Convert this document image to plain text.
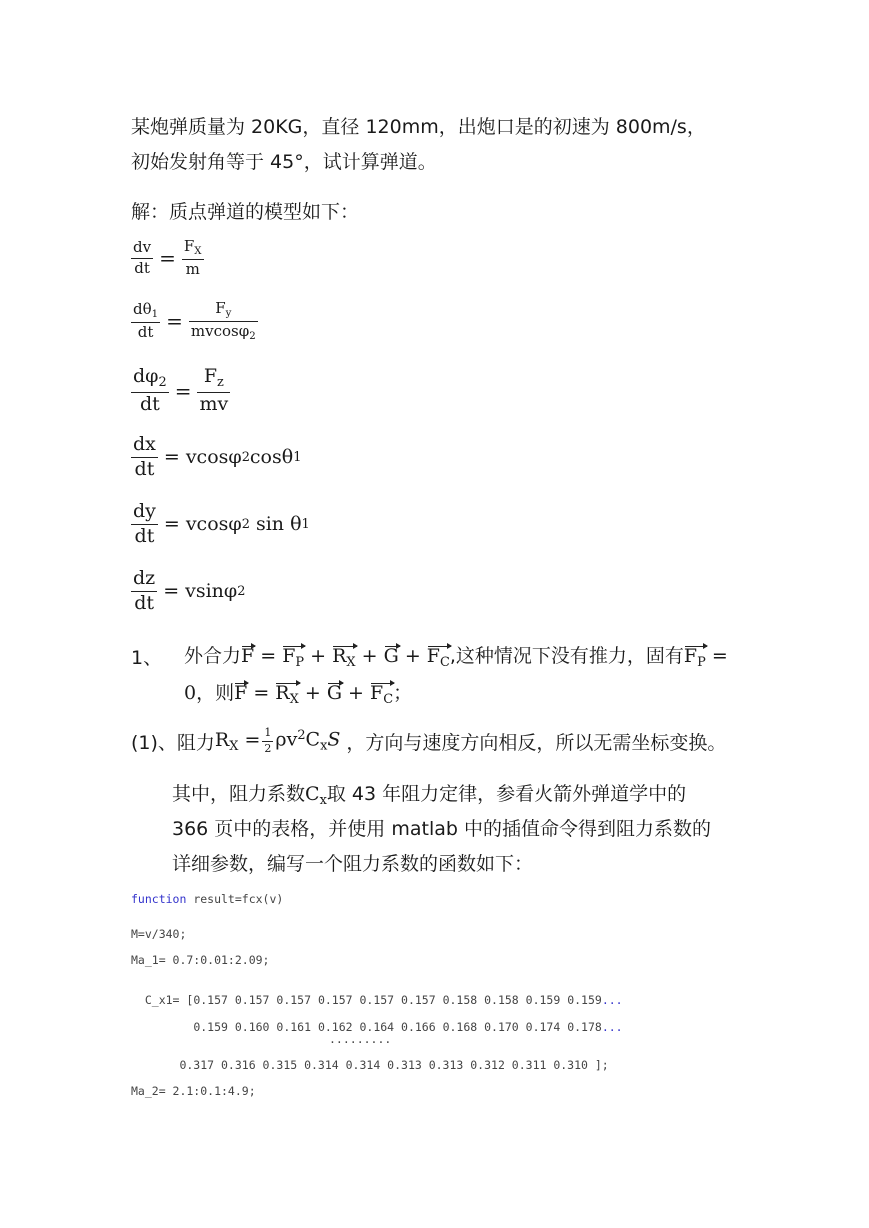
某炮弹质量为 20KG，直径 120mm，出炮口是的初速为 800m/s，
初始发射角等于 45°，试计算弹道。
解：质点弹道的模型如下：
$\frac{dv}{dt} = \frac{F_X}{m}$
$\frac{d\theta_1}{dt} = \frac{F_y}{mvcos\varphi_2}$
$\frac{d\varphi_2}{dt} = \frac{F_z}{mv}$
$\frac{dx}{dt} = vcos\varphi$ 2 cosθ 1
$\frac{dy}{dt} = vcos\varphi$ 2 sin θ 1
$\frac{dz}{dt} = vsin\varphi$ 2
1、 外合力$F = F_P + R_X + G + F_C$,这种情况下没有推力，固有$F_P$ =
0，则$F = R_X + G + F_C$；
(1)、阻力 $R_X = \frac{1}{2} \rho v^2C_xS$ ，方向与速度方向相反，所以无需坐标变换。
其中，阻力系数$C_x$取 43 年阻力定律，参看火箭外弹道学中的
366 页中的表格，并使用 matlab 中的插值命令得到阻力系数的
详细参数，编写一个阻力系数的函数如下：
function result=fcx(v)
M=v/340;
Ma_1= 0.7:0.01:2.09;

C_x1= [0.157 0.157 0.157 0.157 0.157 0.157 0.158 0.158 0.159 0.159...

0.159 0.160 0.161 0.162 0.164 0.166 0.168 0.170 0.174 0.178...

.........
0.317 0.316 0.315 0.314 0.314 0.313 0.313 0.312 0.311 0.310 ];
Ma_2= 2.1:0.1:4.9;
